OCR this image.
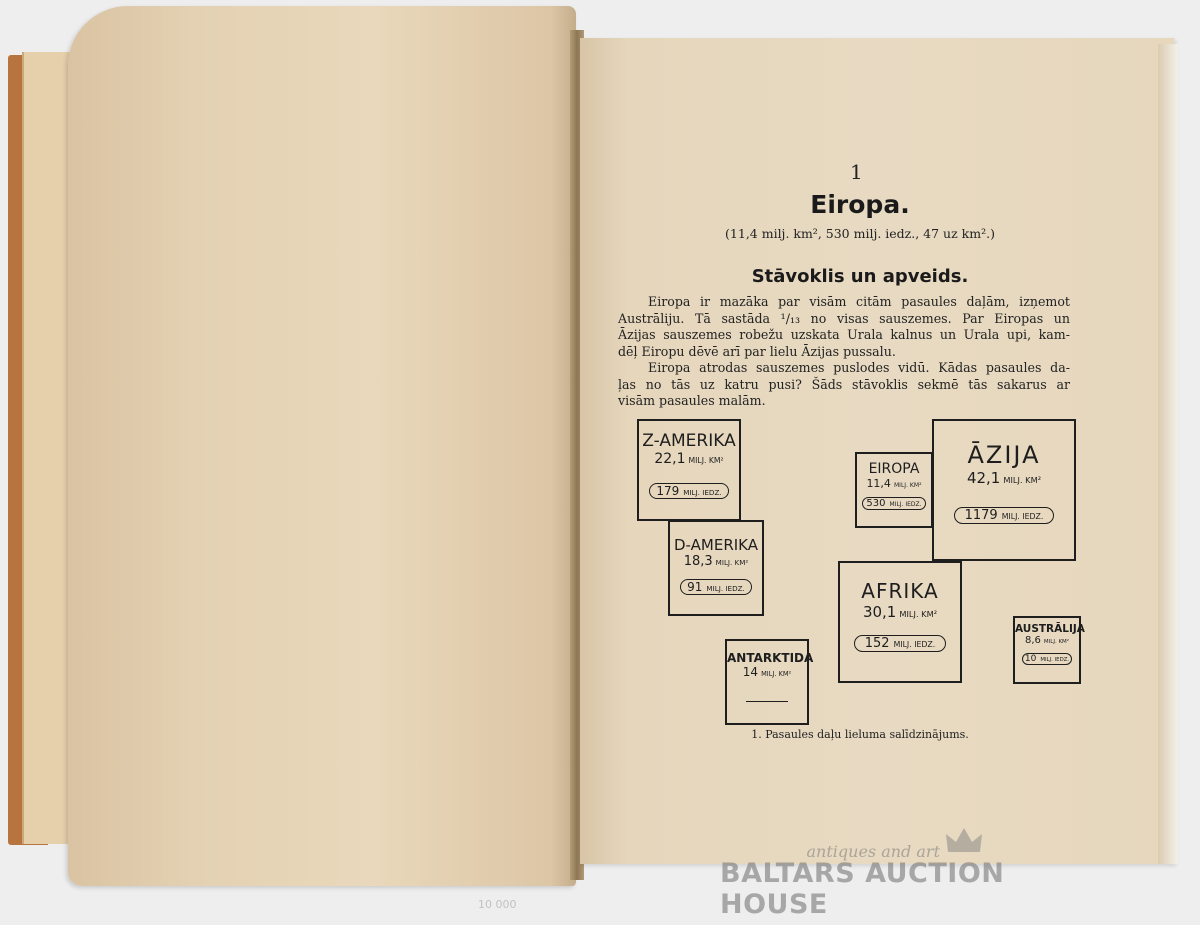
1
Eiropa.
(11,4 milj. km², 530 milj. iedz., 47 uz km².)
Stāvoklis un apveids.
Eiropa ir mazāka par visām citām pasaules daļām, izņemot
Austrāliju. Tā sastāda ¹/₁₃ no visas sauszemes. Par Eiropas un
Āzijas sauszemes robežu uzskata Urala kalnus un Urala upi, kam-
dēļ Eiropu dēvē arī par lielu Āzijas pussalu.
Eiropa atrodas sauszemes puslodes vidū. Kādas pasaules da-
ļas no tās uz katru pusi? Šāds stāvoklis sekmē tās sakarus ar
visām pasaules malām.
Z-AMERIKA
22,1 MILJ. KM²
179 MILJ. IEDZ.
D-AMERIKA
18,3 MILJ. KM²
91 MILJ. IEDZ.
ANTARKTIDA
14 MILJ. KM²
EIROPA
11,4 MILJ. KM²
530 MILJ. IEDZ.
ĀZIJA
42,1 MILJ. KM²
1179 MILJ. IEDZ.
AFRIKA
30,1 MILJ. KM²
152 MILJ. IEDZ.
AUSTRĀLIJA
8,6 MILJ. KM²
10 MILJ. IEDZ.
1. Pasaules daļu lieluma salīdzinājums.
antiques and art
BALTARS AUCTION HOUSE
10 000
